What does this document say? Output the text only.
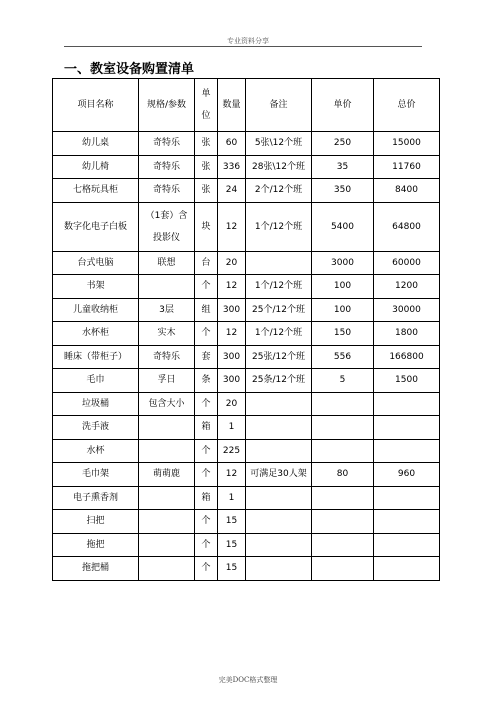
专业资料分享
一、教室设备购置清单
项目名称	规格/参数	单位	数量	备注	单价	总价
幼儿桌	奇特乐	张	60	5张\12个班	250	15000
幼儿椅	奇特乐	张	336	28张\12个班	35	11760
七格玩具柜	奇特乐	张	24	2个/12个班	350	8400
数字化电子白板	（1套）含投影仪	块	12	1个/12个班	5400	64800
台式电脑	联想	台	20		3000	60000
书架		个	12	1个/12个班	100	1200
儿童收纳柜	3层	组	300	25个/12个班	100	30000
水杯柜	实木	个	12	1个/12个班	150	1800
睡床（带柜子）	奇特乐	套	300	25张/12个班	556	166800
毛巾	孚日	条	300	25条/12个班	5	1500
垃圾桶	包含大小	个	20			
洗手液		箱	1			
水杯		个	225			
毛巾架	萌萌鹿	个	12	可满足30人架	80	960
电子熏香剂		箱	1			
扫把		个	15			
拖把		个	15			
拖把桶		个	15			
完美DOC格式整理
